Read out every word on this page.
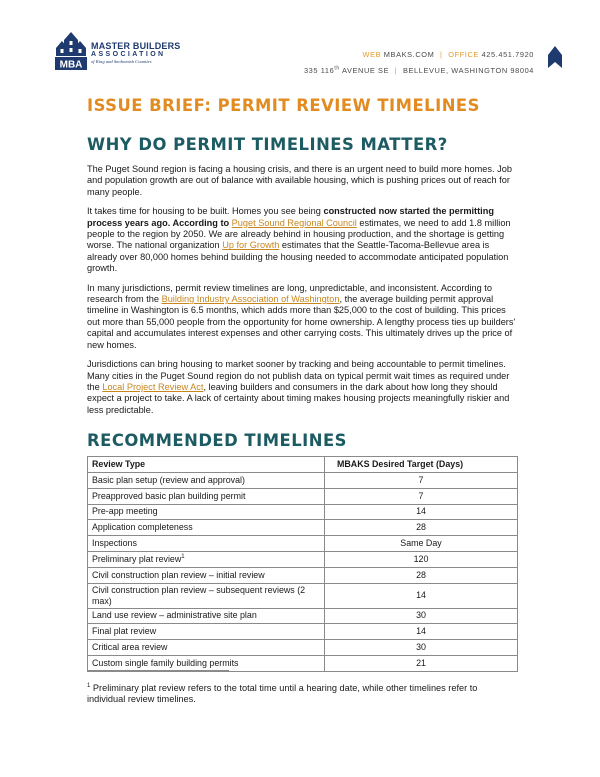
MBA
MASTER BUILDERS
ASSOCIATION
of King and Snohomish Counties
WEB MBAKS.COM | OFFICE 425.451.7920
335 116th AVENUE SE | BELLEVUE, WASHINGTON 98004
ISSUE BRIEF: PERMIT REVIEW TIMELINES
WHY DO PERMIT TIMELINES MATTER?

The Puget Sound region is facing a housing crisis, and there is an urgent need to build more homes. Job and population growth are out of balance with available housing, which is pushing prices out of reach for many people.

It takes time for housing to be built. Homes you see being constructed now started the permitting process years ago. According to Puget Sound Regional Council estimates, we need to add 1.8 million people to the region by 2050. We are already behind in housing production, and the shortage is getting worse. The national organization Up for Growth estimates that the Seattle-Tacoma-Bellevue area is already over 80,000 homes behind building the housing needed to accommodate anticipated population growth.

In many jurisdictions, permit review timelines are long, unpredictable, and inconsistent. According to research from the Building Industry Association of Washington, the average building permit approval timeline in Washington is 6.5 months, which adds more than $25,000 to the cost of building. This prices out more than 55,000 people from the opportunity for home ownership. A lengthy process ties up builders' capital and accumulates interest expenses and other carrying costs. This ultimately drives up the price of new homes.

Jurisdictions can bring housing to market sooner by tracking and being accountable to permit timelines. Many cities in the Puget Sound region do not publish data on typical permit wait times as required under the Local Project Review Act, leaving builders and consumers in the dark about how long they should expect a project to take. A lack of certainty about timing makes housing projects meaningfully riskier and less predictable.

RECOMMENDED TIMELINES
Review Type	MBAKS Desired Target (Days)
Basic plan setup (review and approval)	7
Preapproved basic plan building permit	7
Pre-app meeting	14
Application completeness	28
Inspections	Same Day
Preliminary plat review$^1$	120
Civil construction plan review – initial review	28
Civil construction plan review – subsequent reviews (2 max)	14
Land use review – administrative site plan	30
Final plat review	14
Critical area review	30
Custom single family building permits	21
$^1$ Preliminary plat review refers to the total time until a hearing date, while other timelines refer to individual review timelines.
